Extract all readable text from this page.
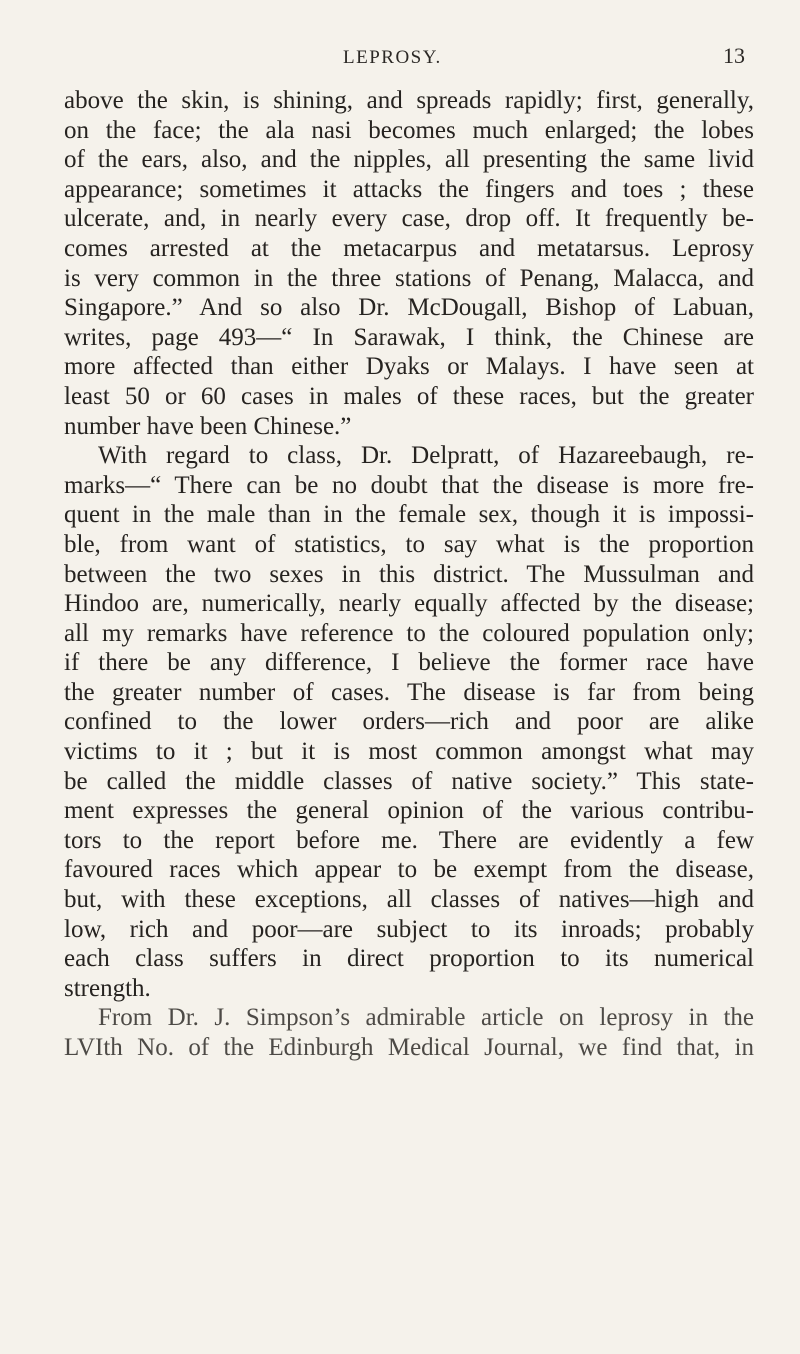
LEPROSY.	13
above the skin, is shining, and spreads rapidly; first, generally,
on the face; the ala nasi becomes much enlarged; the lobes
of the ears, also, and the nipples, all presenting the same livid
appearance; sometimes it attacks the fingers and toes ; these
ulcerate, and, in nearly every case, drop off. It frequently be-
comes arrested at the metacarpus and metatarsus. Leprosy
is very common in the three stations of Penang, Malacca, and
Singapore.” And so also Dr. McDougall, Bishop of Labuan,
writes, page 493—“ In Sarawak, I think, the Chinese are
more affected than either Dyaks or Malays. I have seen at
least 50 or 60 cases in males of these races, but the greater
number have been Chinese.”
With regard to class, Dr. Delpratt, of Hazareebaugh, re-
marks—“ There can be no doubt that the disease is more fre-
quent in the male than in the female sex, though it is impossi-
ble, from want of statistics, to say what is the proportion
between the two sexes in this district. The Mussulman and
Hindoo are, numerically, nearly equally affected by the disease;
all my remarks have reference to the coloured population only;
if there be any difference, I believe the former race have
the greater number of cases. The disease is far from being
confined to the lower orders—rich and poor are alike
victims to it ; but it is most common amongst what may
be called the middle classes of native society.” This state-
ment expresses the general opinion of the various contribu-
tors to the report before me. There are evidently a few
favoured races which appear to be exempt from the disease,
but, with these exceptions, all classes of natives—high and
low, rich and poor—are subject to its inroads; probably
each class suffers in direct proportion to its numerical
strength.
From Dr. J. Simpson’s admirable article on leprosy in the
LVIth No. of the Edinburgh Medical Journal, we find that, in
